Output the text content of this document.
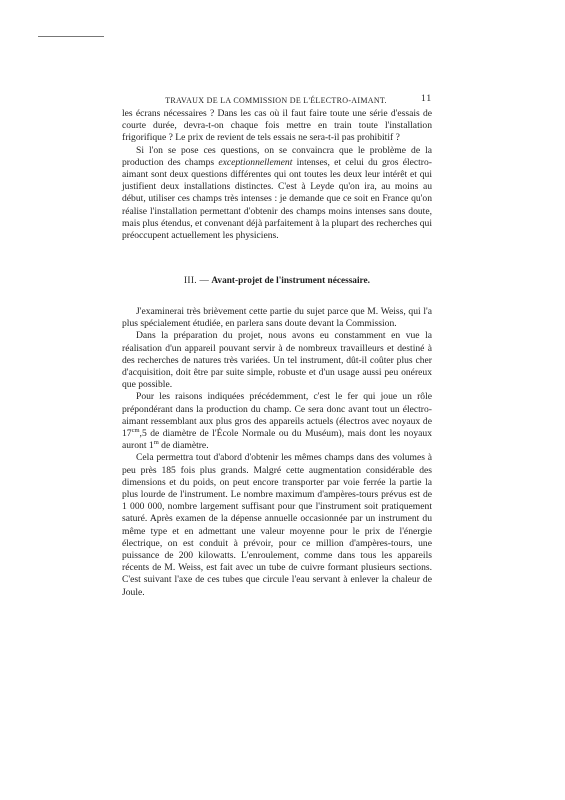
TRAVAUX DE LA COMMISSION DE L'ÉLECTRO-AIMANT.	11

les écrans nécessaires ? Dans les cas où il faut faire toute une série d'essais de courte durée, devra-t-on chaque fois mettre en train toute l'installation frigorifique ? Le prix de revient de tels essais ne sera-t-il pas prohibitif ?

Si l'on se pose ces questions, on se convaincra que le problème de la production des champs exceptionnellement intenses, et celui du gros électro-aimant sont deux questions différentes qui ont toutes les deux leur intérêt et qui justifient deux installations distinctes. C'est à Leyde qu'on ira, au moins au début, utiliser ces champs très intenses : je demande que ce soit en France qu'on réalise l'installation permettant d'obtenir des champs moins intenses sans doute, mais plus étendus, et convenant déjà parfaitement à la plupart des recherches qui préoccupent actuellement les physiciens.

III. — Avant-projet de l'instrument nécessaire.

J'examinerai très brièvement cette partie du sujet parce que M. Weiss, qui l'a plus spécialement étudiée, en parlera sans doute devant la Commission.

Dans la préparation du projet, nous avons eu constamment en vue la réalisation d'un appareil pouvant servir à de nombreux travailleurs et destiné à des recherches de natures très variées. Un tel instrument, dût-il coûter plus cher d'acquisition, doit être par suite simple, robuste et d'un usage aussi peu onéreux que possible.

Pour les raisons indiquées précédemment, c'est le fer qui joue un rôle prépondérant dans la production du champ. Ce sera donc avant tout un électro-aimant ressemblant aux plus gros des appareils actuels (électros avec noyaux de $17^{cm},5$ de diamètre de l'École Normale ou du Muséum), mais dont les noyaux auront 1$^m$ de diamètre.

Cela permettra tout d'abord d'obtenir les mêmes champs dans des volumes à peu près 185 fois plus grands. Malgré cette augmentation considérable des dimensions et du poids, on peut encore transporter par voie ferrée la partie la plus lourde de l'instrument. Le nombre maximum d'ampères-tours prévus est de 1 000 000, nombre largement suffisant pour que l'instrument soit pratiquement saturé. Après examen de la dépense annuelle occasionnée par un instrument du même type et en admettant une valeur moyenne pour le prix de l'énergie électrique, on est conduit à prévoir, pour ce million d'ampères-tours, une puissance de 200 kilowatts. L'enroulement, comme dans tous les appareils récents de M. Weiss, est fait avec un tube de cuivre formant plusieurs sections. C'est suivant l'axe de ces tubes que circule l'eau servant à enlever la chaleur de Joule.
